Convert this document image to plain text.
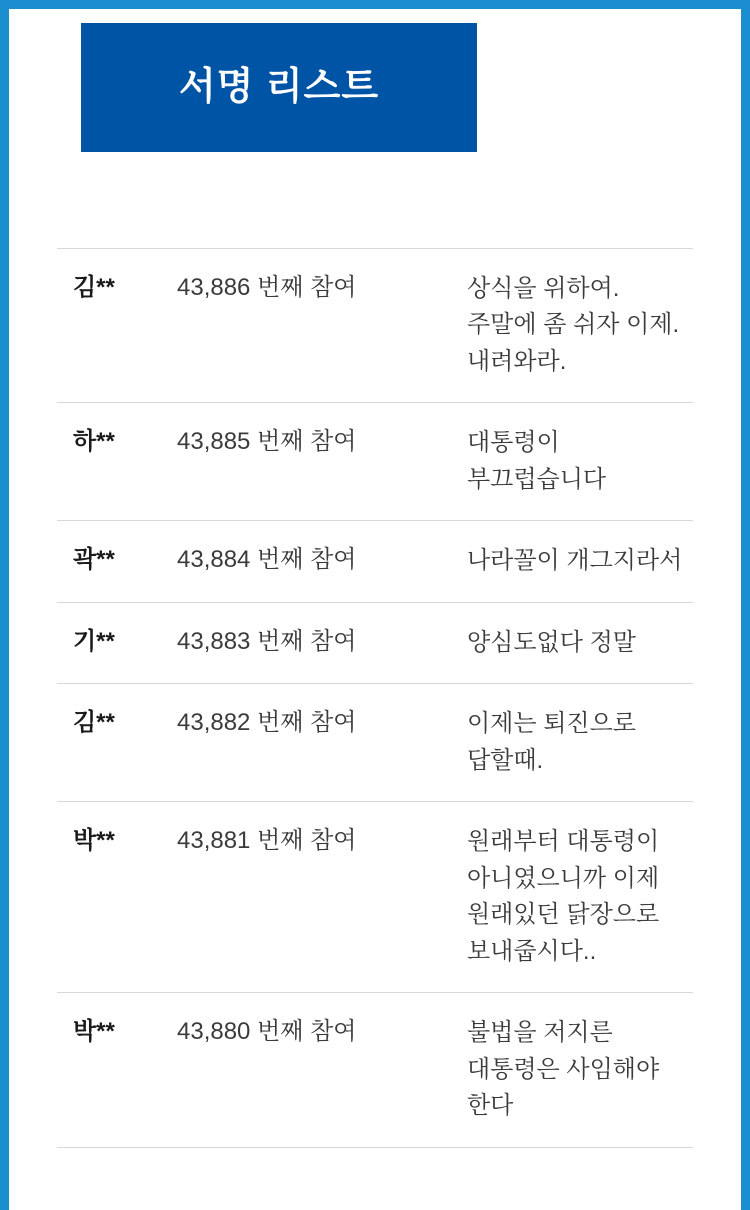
서명 리스트
김**	43,886 번째 참여	상식을 위하여. 주말에 좀 쉬자 이제. 내려와라.
하**	43,885 번째 참여	대통령이 부끄럽습니다
곽**	43,884 번째 참여	나라꼴이 개그지라서
기**	43,883 번째 참여	양심도없다 정말
김**	43,882 번째 참여	이제는 퇴진으로 답할때.
박**	43,881 번째 참여	원래부터 대통령이 아니였으니까 이제 원래있던 닭장으로 보내줍시다..
박**	43,880 번째 참여	불법을 저지른 대통령은 사임해야 한다
